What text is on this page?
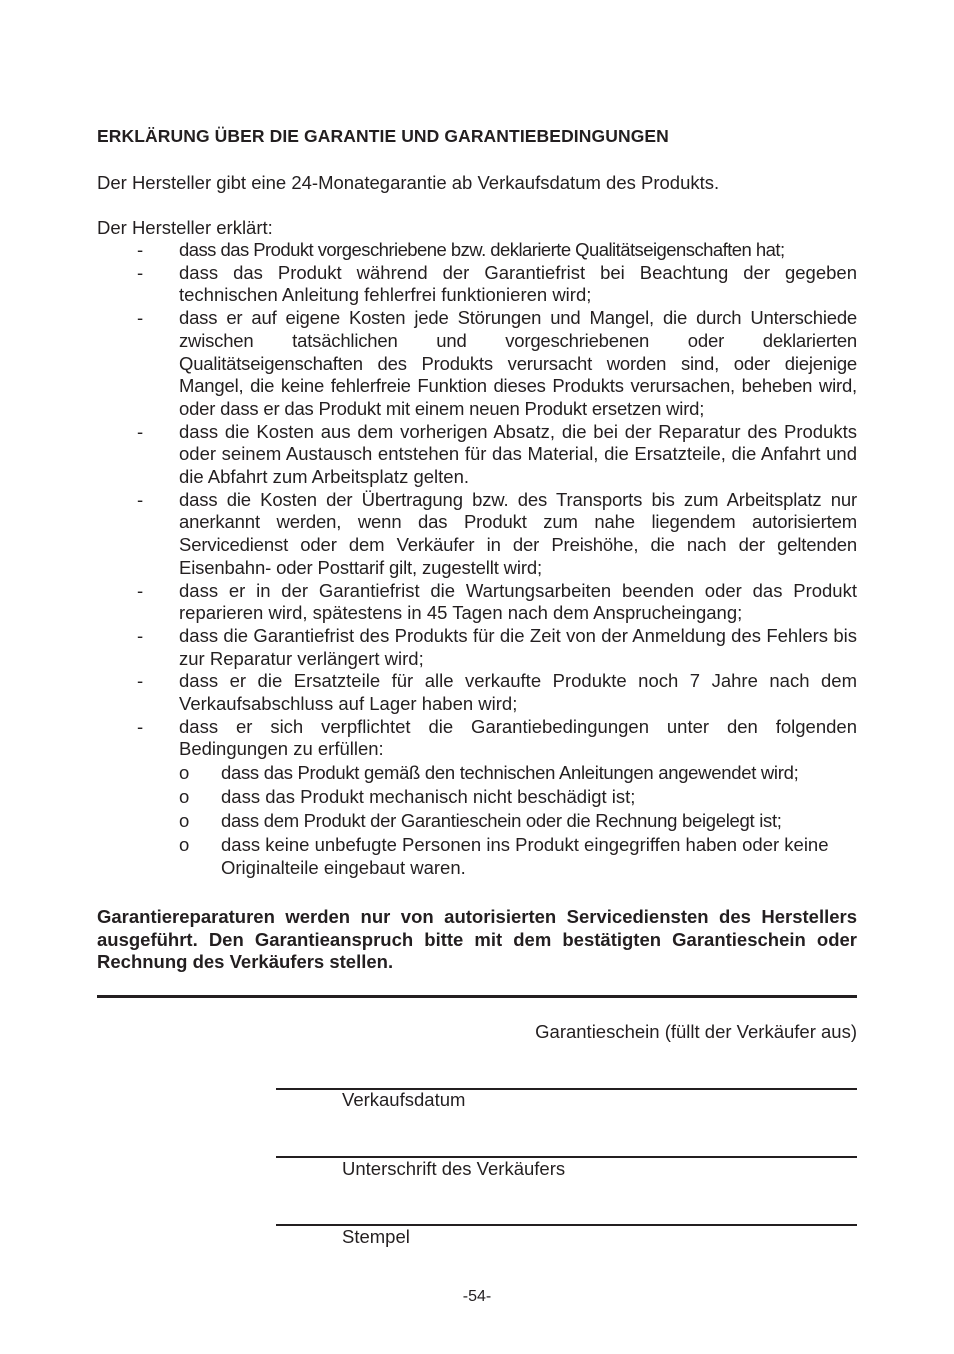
ERKLÄRUNG ÜBER DIE GARANTIE UND GARANTIEBEDINGUNGEN
Der Hersteller gibt eine 24-Monategarantie ab Verkaufsdatum des Produkts.
Der Hersteller erklärt:
- dass das Produkt vorgeschriebene bzw. deklarierte Qualitätseigenschaften hat;
- dass das Produkt während der Garantiefrist bei Beachtung der gegeben technischen Anleitung fehlerfrei funktionieren wird;
- dass er auf eigene Kosten jede Störungen und Mangel, die durch Unterschiede zwischen tatsächlichen und vorgeschriebenen oder deklarierten Qualitätseigenschaften des Produkts verursacht worden sind, oder diejenige Mangel, die keine fehlerfreie Funktion dieses Produkts verursachen, beheben wird, oder dass er das Produkt mit einem neuen Produkt ersetzen wird;
- dass die Kosten aus dem vorherigen Absatz, die bei der Reparatur des Produkts oder seinem Austausch entstehen für das Material, die Ersatzteile, die Anfahrt und die Abfahrt zum Arbeitsplatz gelten.
- dass die Kosten der Übertragung bzw. des Transports bis zum Arbeitsplatz nur anerkannt werden, wenn das Produkt zum nahe liegendem autorisiertem Servicedienst oder dem Verkäufer in der Preishöhe, die nach der geltenden Eisenbahn- oder Posttarif gilt, zugestellt wird;
- dass er in der Garantiefrist die Wartungsarbeiten beenden oder das Produkt reparieren wird, spätestens in 45 Tagen nach dem Ansprucheingang;
- dass die Garantiefrist des Produkts für die Zeit von der Anmeldung des Fehlers bis zur Reparatur verlängert wird;
- dass er die Ersatzteile für alle verkaufte Produkte noch 7 Jahre nach dem Verkaufsabschluss auf Lager haben wird;
- dass er sich verpflichtet die Garantiebedingungen unter den folgenden Bedingungen zu erfüllen:
o dass das Produkt gemäß den technischen Anleitungen angewendet wird;
o dass das Produkt mechanisch nicht beschädigt ist;
o dass dem Produkt der Garantieschein oder die Rechnung beigelegt ist;
o dass keine unbefugte Personen ins Produkt eingegriffen haben oder keine Originalteile eingebaut waren.
Garantiereparaturen werden nur von autorisierten Servicediensten des Herstellers ausgeführt. Den Garantieanspruch bitte mit dem bestätigten Garantieschein oder Rechnung des Verkäufers stellen.
Garantieschein (füllt der Verkäufer aus)
Verkaufsdatum
Unterschrift des Verkäufers
Stempel
-54-
